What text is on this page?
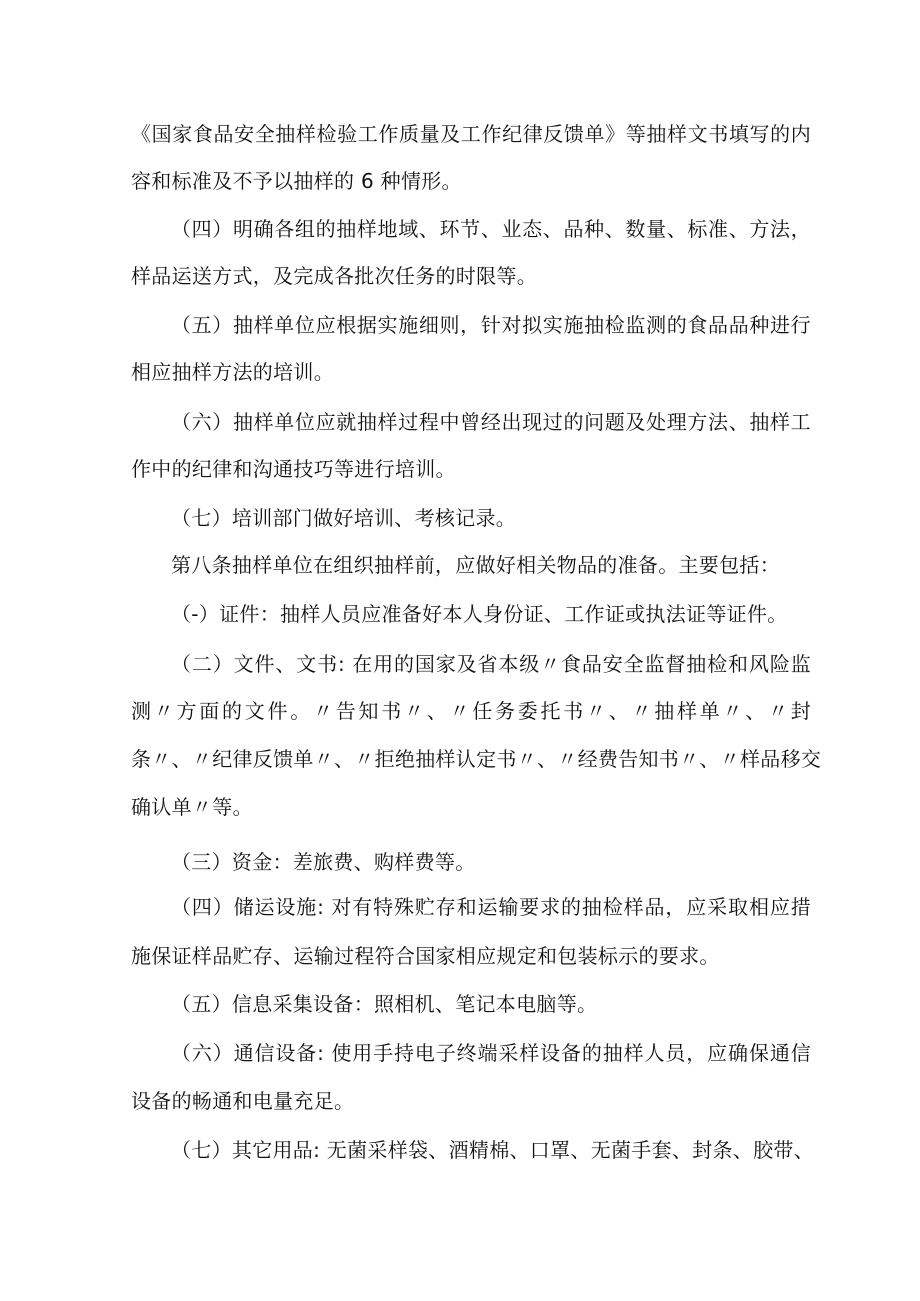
《国家食品安全抽样检验工作质量及工作纪律反馈单》等抽样文书填写的内
容和标准及不予以抽样的 6 种情形。
（四）明确各组的抽样地域、环节、业态、品种、数量、标准、方法，
样品运送方式，及完成各批次任务的时限等。
（五）抽样单位应根据实施细则，针对拟实施抽检监测的食品品种进行
相应抽样方法的培训。
（六）抽样单位应就抽样过程中曾经出现过的问题及处理方法、抽样工
作中的纪律和沟通技巧等进行培训。
（七）培训部门做好培训、考核记录。
第八条抽样单位在组织抽样前，应做好相关物品的准备。主要包括：
（-）证件：抽样人员应准备好本人身份证、工作证或执法证等证件。
（二）文件、文书: 在用的国家及省本级〃食品安全监督抽检和风险监
测〃方面的文件。〃告知书〃、〃任务委托书〃、〃抽样单〃、〃封
条〃、〃纪律反馈单〃、〃拒绝抽样认定书〃、〃经费告知书〃、〃样品移交
确认单〃等。
（三）资金：差旅费、购样费等。
（四）储运设施: 对有特殊贮存和运输要求的抽检样品，应采取相应措
施保证样品贮存、运输过程符合国家相应规定和包装标示的要求。
（五）信息采集设备：照相机、笔记本电脑等。
（六）通信设备: 使用手持电子终端采样设备的抽样人员，应确保通信
设备的畅通和电量充足。
（七）其它用品: 无菌采样袋、酒精棉、口罩、无菌手套、封条、胶带、
